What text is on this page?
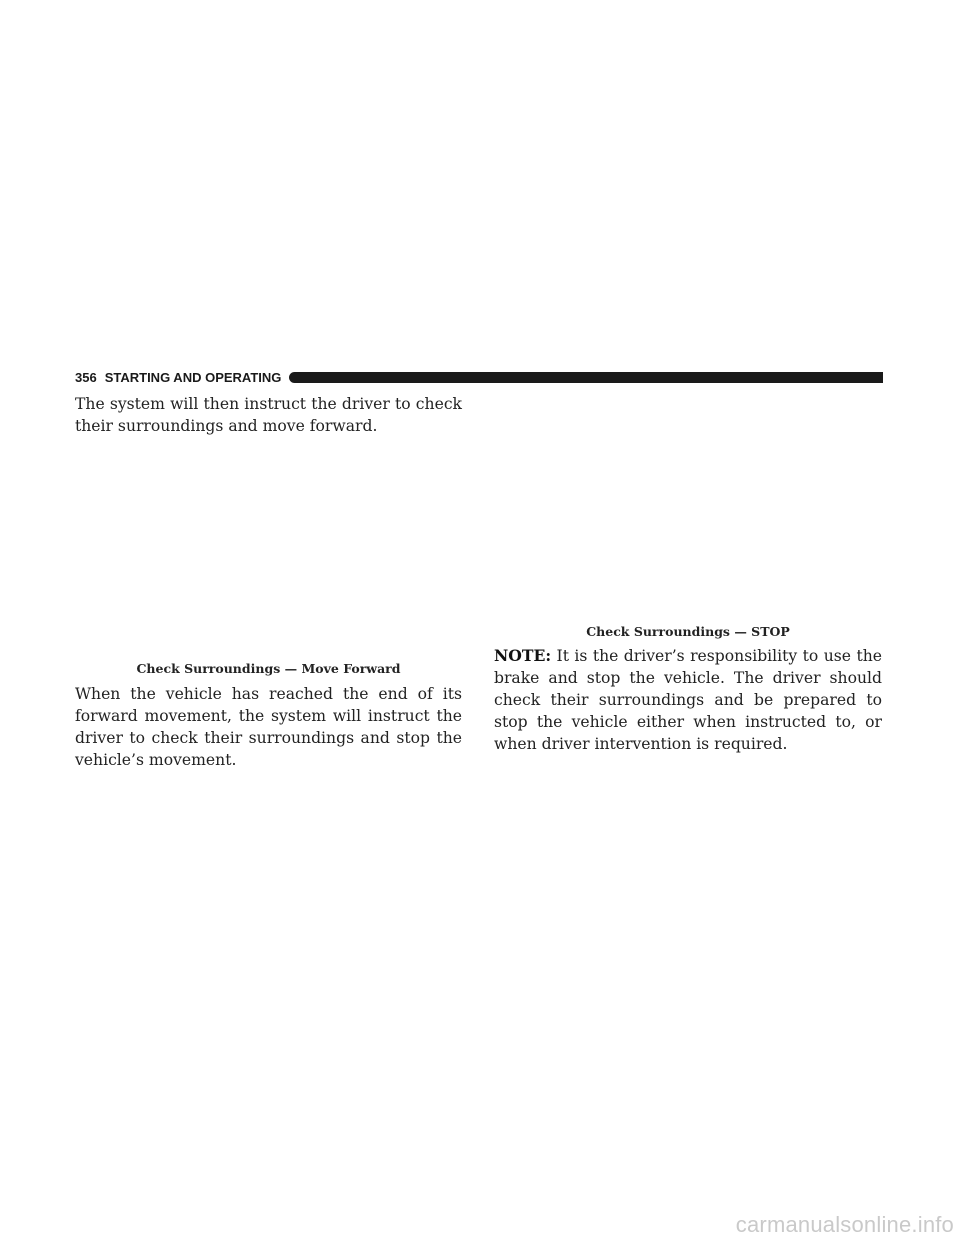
356 STARTING AND OPERATING

The system will then instruct the driver to check their surroundings and move forward.

Check Surroundings — Move Forward

When the vehicle has reached the end of its forward movement, the system will instruct the driver to check their surroundings and stop the vehicle’s movement.

Check Surroundings — STOP

NOTE: It is the driver’s responsibility to use the brake and stop the vehicle. The driver should check their surroundings and be prepared to stop the vehicle either when instructed to, or when driver intervention is required.

carmanualsonline.info
